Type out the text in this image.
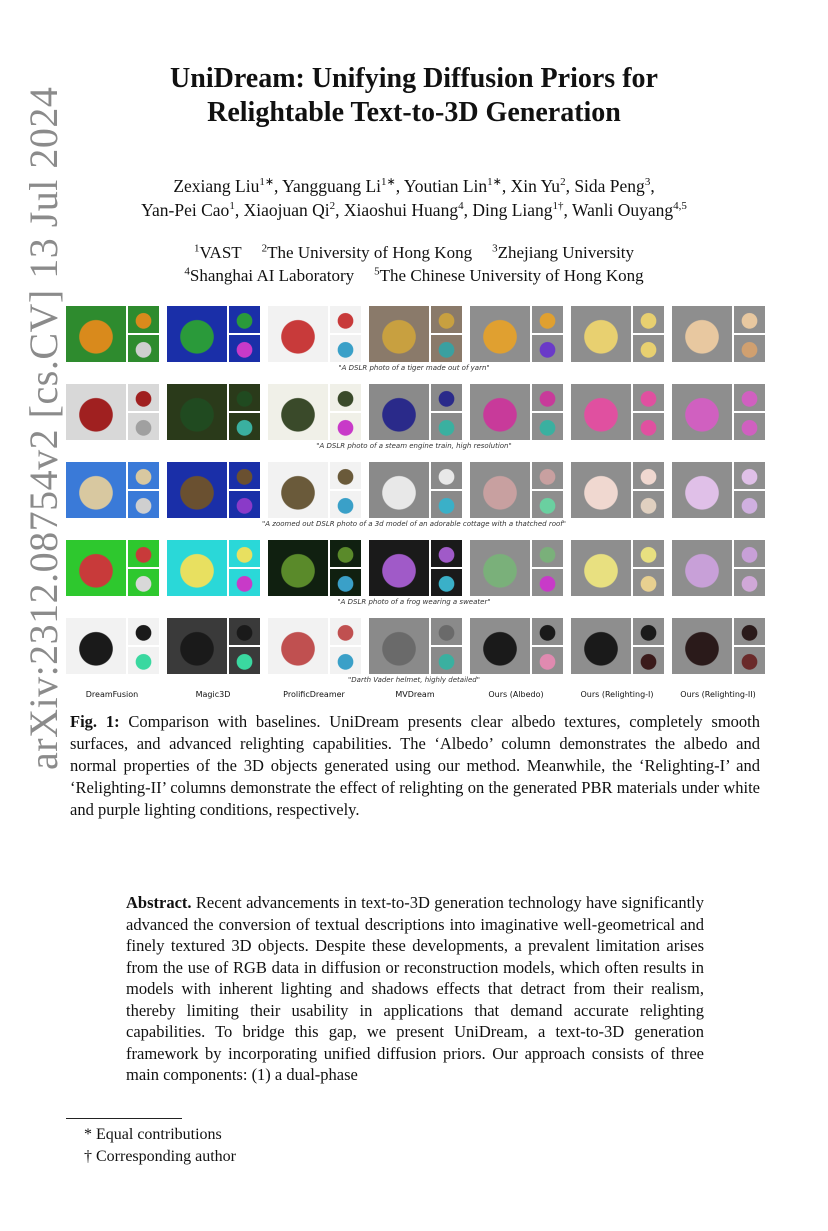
arXiv:2312.08754v2 [cs.CV] 13 Jul 2024
UniDream: Unifying Diffusion Priors for Relightable Text-to-3D Generation
Zexiang Liu$^{1∗}$, Yangguang $Li^{1∗}$, Youtian Lin$^{1∗}$, Xin Yu$^2$, Sida Peng$^3$,
Yan-Pei Cao$^1$, Xiaojuan Qi$^2$, Xiaoshui Huang$^4$, Ding Liang$^{1\dagger}$, Wanli Ouyang$^{4,5}$
$^1$VAST $^2$The University of Hong Kong $^3$Zhejiang University
$^4$Shanghai AI Laboratory $^5$The Chinese University of Hong Kong
"A DSLR photo of a tiger made out of yarn"
"A DSLR photo of a steam engine train, high resolution"
"A zoomed out DSLR photo of a 3d model of an adorable cottage with a thatched roof"
"A DSLR photo of a frog wearing a sweater"
"Darth Vader helmet, highly detailed"
DreamFusion	Magic3D	ProlificDreamer	MVDream	Ours (Albedo)	Ours (Relighting-I)	Ours (Relighting-II)
Fig. 1: Comparison with baselines. UniDream presents clear albedo textures, completely smooth surfaces, and advanced relighting capabilities. The ‘Albedo’ column demonstrates the albedo and normal properties of the 3D objects generated using our method. Meanwhile, the ‘Relighting-I’ and ‘Relighting-II’ columns demonstrate the effect of relighting on the generated PBR materials under white and purple lighting conditions, respectively.
Abstract. Recent advancements in text-to-3D generation technology have significantly advanced the conversion of textual descriptions into imaginative well-geometrical and finely textured 3D objects. Despite these developments, a prevalent limitation arises from the use of RGB data in diffusion or reconstruction models, which often results in models with inherent lighting and shadows effects that detract from their realism, thereby limiting their usability in applications that demand accurate relighting capabilities. To bridge this gap, we present UniDream, a text-to-3D generation framework by incorporating unified diffusion priors. Our approach consists of three main components: (1) a dual-phase
* Equal contributions
† Corresponding author
